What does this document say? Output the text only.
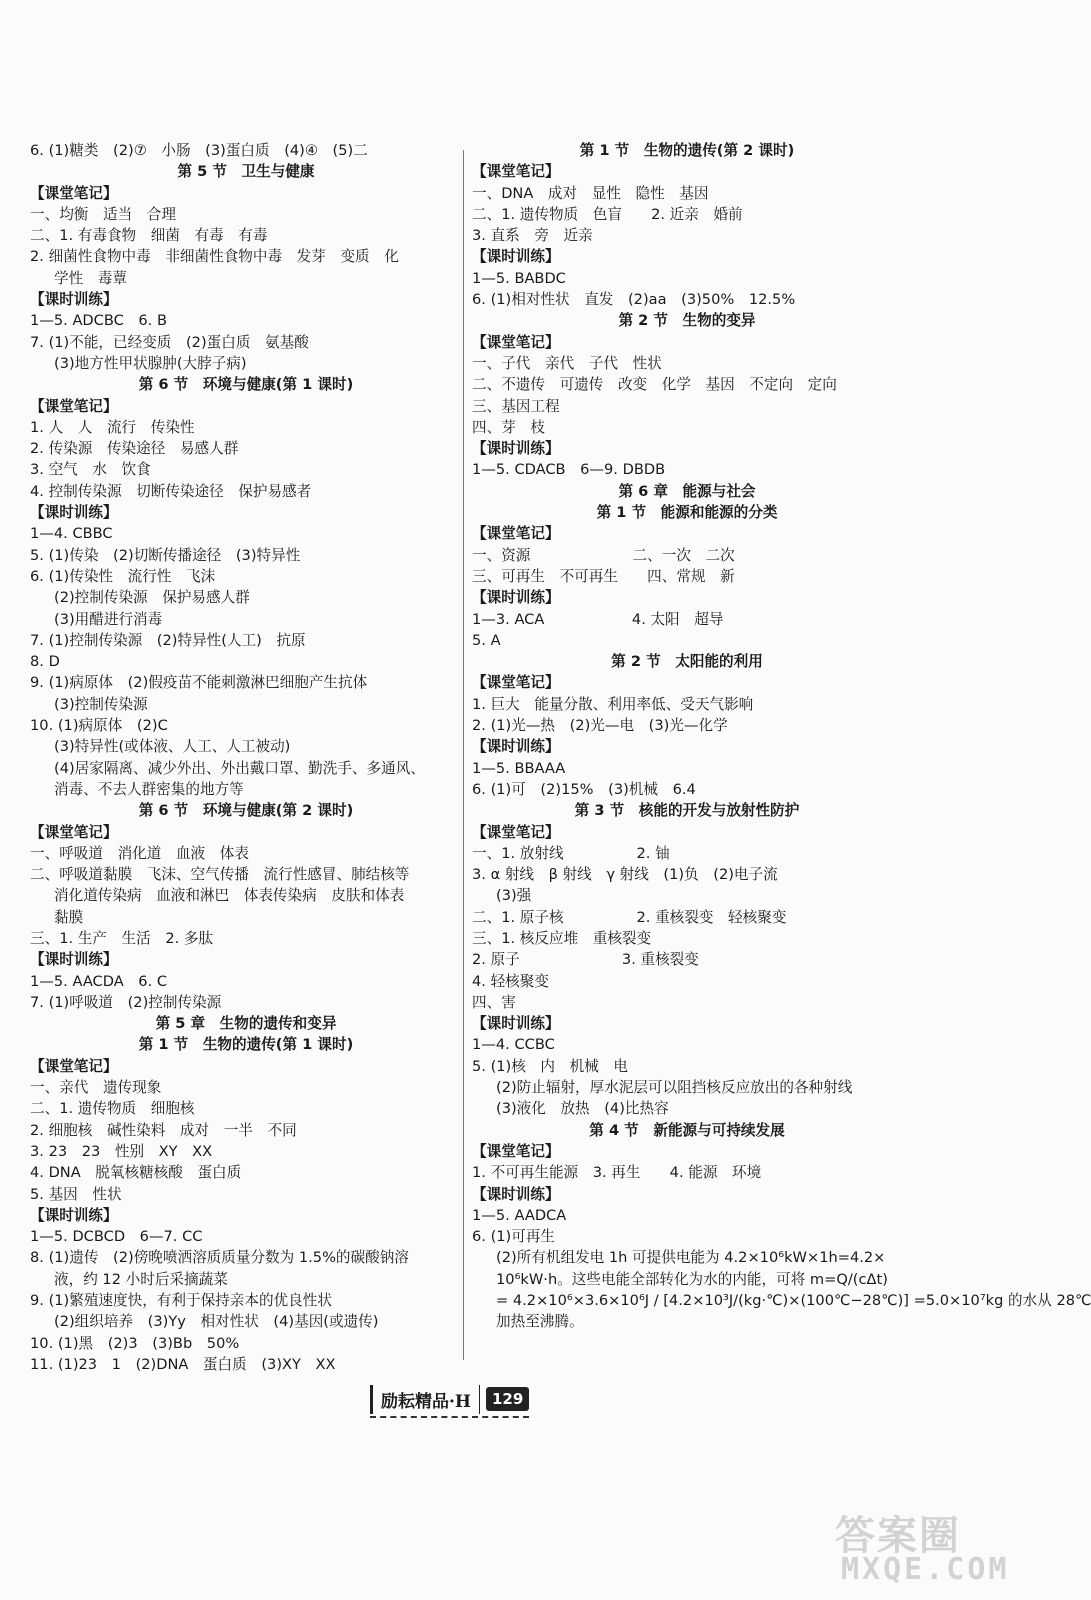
6. (1)糖类　(2)⑦　小肠　(3)蛋白质　(4)④　(5)二
第 5 节　卫生与健康
【课堂笔记】
一、均衡　适当　合理
二、1. 有毒食物　细菌　有毒　有毒
2. 细菌性食物中毒　非细菌性食物中毒　发芽　变质　化
学性　毒蕈
【课时训练】
1—5. ADCBC　6. B
7. (1)不能，已经变质　(2)蛋白质　氨基酸
(3)地方性甲状腺肿(大脖子病)
第 6 节　环境与健康(第 1 课时)
【课堂笔记】
1. 人　人　流行　传染性
2. 传染源　传染途径　易感人群
3. 空气　水　饮食
4. 控制传染源　切断传染途径　保护易感者
【课时训练】
1—4. CBBC
5. (1)传染　(2)切断传播途径　(3)特异性
6. (1)传染性　流行性　飞沫
(2)控制传染源　保护易感人群
(3)用醋进行消毒
7. (1)控制传染源　(2)特异性(人工)　抗原
8. D
9. (1)病原体　(2)假疫苗不能刺激淋巴细胞产生抗体
(3)控制传染源
10. (1)病原体　(2)C
(3)特异性(或体液、人工、人工被动)
(4)居家隔离、减少外出、外出戴口罩、勤洗手、多通风、
消毒、不去人群密集的地方等
第 6 节　环境与健康(第 2 课时)
【课堂笔记】
一、呼吸道　消化道　血液　体表
二、呼吸道黏膜　飞沫、空气传播　流行性感冒、肺结核等
消化道传染病　血液和淋巴　体表传染病　皮肤和体表
黏膜
三、1. 生产　生活　2. 多肽
【课时训练】
1—5. AACDA　6. C
7. (1)呼吸道　(2)控制传染源
第 5 章　生物的遗传和变异
第 1 节　生物的遗传(第 1 课时)
【课堂笔记】
一、亲代　遗传现象
二、1. 遗传物质　细胞核
2. 细胞核　碱性染料　成对　一半　不同
3. 23　23　性别　XY　XX
4. DNA　脱氧核糖核酸　蛋白质
5. 基因　性状
【课时训练】
1—5. DCBCD　6—7. CC
8. (1)遗传　(2)傍晚喷洒溶质质量分数为 1.5%的碳酸钠溶
液，约 12 小时后采摘蔬菜
9. (1)繁殖速度快，有利于保持亲本的优良性状
(2)组织培养　(3)Yy　相对性状　(4)基因(或遗传)
10. (1)黑　(2)3　(3)Bb　50%
11. (1)23　1　(2)DNA　蛋白质　(3)XY　XX
第 1 节　生物的遗传(第 2 课时)
【课堂笔记】
一、DNA　成对　显性　隐性　基因
二、1. 遗传物质　色盲　　2. 近亲　婚前
3. 直系　旁　近亲
【课时训练】
1—5. BABDC
6. (1)相对性状　直发　(2)aa　(3)50%　12.5%
第 2 节　生物的变异
【课堂笔记】
一、子代　亲代　子代　性状
二、不遗传　可遗传　改变　化学　基因　不定向　定向
三、基因工程
四、芽　枝
【课时训练】
1—5. CDACB　6—9. DBDB
第 6 章　能源与社会
第 1 节　能源和能源的分类
【课堂笔记】
一、资源　　　　　　　二、一次　二次
三、可再生　不可再生　　四、常规　新
【课时训练】
1—3. ACA　　　　　　4. 太阳　超导
5. A
第 2 节　太阳能的利用
【课堂笔记】
1. 巨大　能量分散、利用率低、受天气影响
2. (1)光—热　(2)光—电　(3)光—化学
【课时训练】
1—5. BBAAA
6. (1)可　(2)15%　(3)机械　6.4
第 3 节　核能的开发与放射性防护
【课堂笔记】
一、1. 放射线　　　　　2. 铀
3. α 射线　β 射线　γ 射线　(1)负　(2)电子流
(3)强
二、1. 原子核　　　　　2. 重核裂变　轻核聚变
三、1. 核反应堆　重核裂变
2. 原子　　　　　　　3. 重核裂变
4. 轻核聚变
四、害
【课时训练】
1—4. CCBC
5. (1)核　内　机械　电
(2)防止辐射，厚水泥层可以阻挡核反应放出的各种射线
(3)液化　放热　(4)比热容
第 4 节　新能源与可持续发展
【课堂笔记】
1. 不可再生能源　3. 再生　　4. 能源　环境
【课时训练】
1—5. AADCA
6. (1)可再生
(2)所有机组发电 1h 可提供电能为 4.2×10⁶kW×1h=4.2×
10⁶kW·h。这些电能全部转化为水的内能，可将 m=Q/(cΔt)
= 4.2×10⁶×3.6×10⁶J / [4.2×10³J/(kg·℃)×(100℃−28℃)] =5.0×10⁷kg 的水从 28℃
加热至沸腾。
励耘精品·H	129
答案圈
MXQE.COM
